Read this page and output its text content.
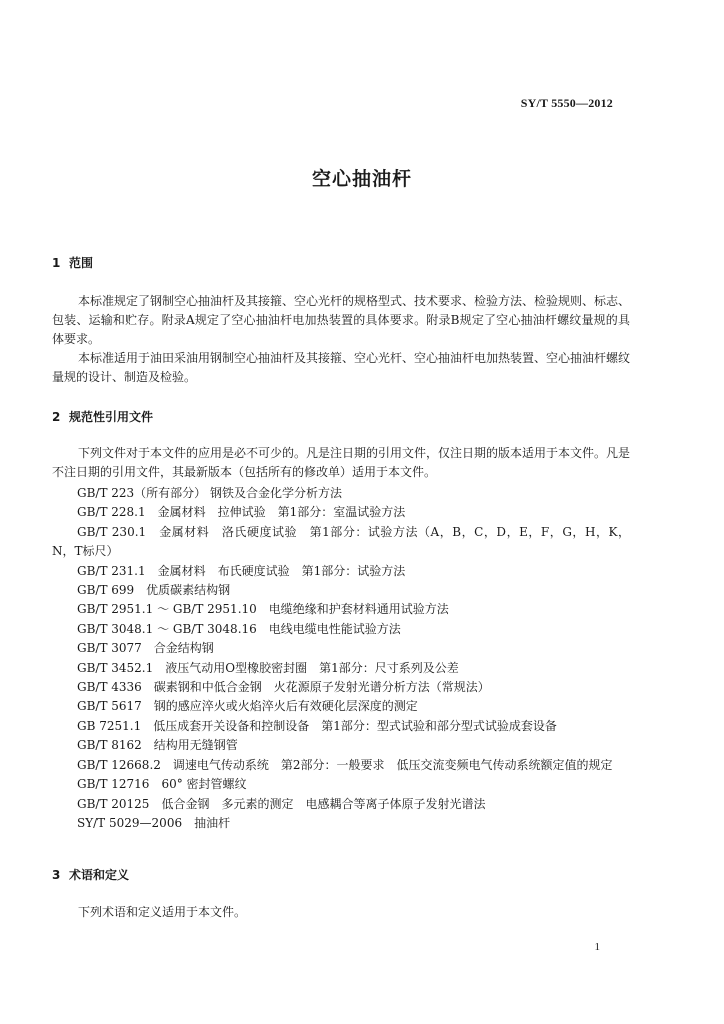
SY/T 5550—2012
空心抽油杆
1 范围
本标准规定了钢制空心抽油杆及其接箍、空心光杆的规格型式、技术要求、检验方法、检验规则、标志、包装、运输和贮存。附录A规定了空心抽油杆电加热装置的具体要求。附录B规定了空心抽油杆螺纹量规的具体要求。
本标准适用于油田采油用钢制空心抽油杆及其接箍、空心光杆、空心抽油杆电加热装置、空心抽油杆螺纹量规的设计、制造及检验。
2 规范性引用文件
下列文件对于本文件的应用是必不可少的。凡是注日期的引用文件，仅注日期的版本适用于本文件。凡是不注日期的引用文件，其最新版本（包括所有的修改单）适用于本文件。
GB/T 223（所有部分） 钢铁及合金化学分析方法
GB/T 228.1　金属材料　拉伸试验　第1部分：室温试验方法
GB/T 230.1　金属材料　洛氏硬度试验　第1部分：试验方法（A，B，C，D，E，F，G，H，K，N，T标尺）
GB/T 231.1　金属材料　布氏硬度试验　第1部分：试验方法
GB/T 699　优质碳素结构钢
GB/T 2951.1 ～ GB/T 2951.10　电缆绝缘和护套材料通用试验方法
GB/T 3048.1 ～ GB/T 3048.16　电线电缆电性能试验方法
GB/T 3077　合金结构钢
GB/T 3452.1　液压气动用O型橡胶密封圈　第1部分：尺寸系列及公差
GB/T 4336　碳素钢和中低合金钢　火花源原子发射光谱分析方法（常规法）
GB/T 5617　钢的感应淬火或火焰淬火后有效硬化层深度的测定
GB 7251.1　低压成套开关设备和控制设备　第1部分：型式试验和部分型式试验成套设备
GB/T 8162　结构用无缝钢管
GB/T 12668.2　调速电气传动系统　第2部分：一般要求　低压交流变频电气传动系统额定值的规定
GB/T 12716　60° 密封管螺纹
GB/T 20125　低合金钢　多元素的测定　电感耦合等离子体原子发射光谱法
SY/T 5029—2006　抽油杆
3 术语和定义
下列术语和定义适用于本文件。
1
